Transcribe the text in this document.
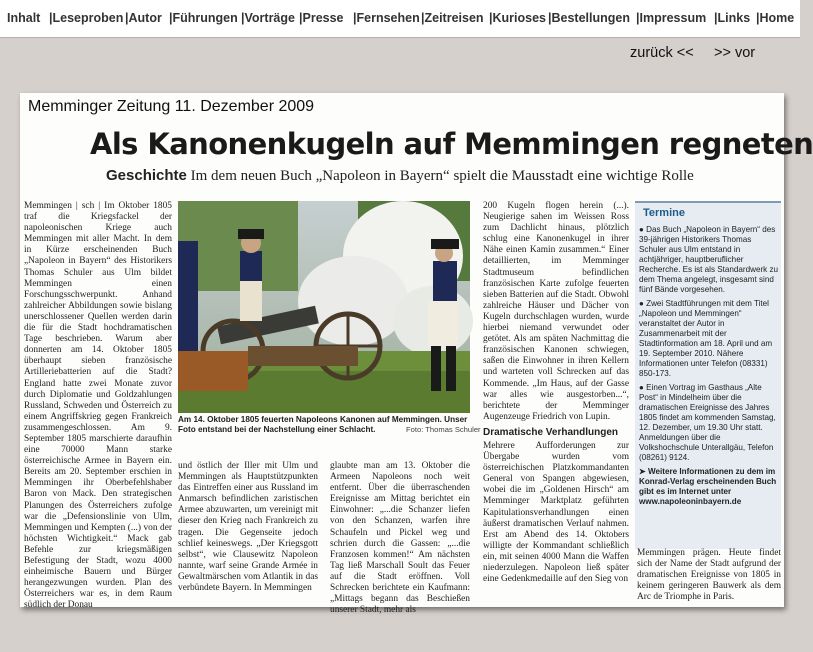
Inhalt |Leseproben |Autor |Führungen |Vorträge |Presse |Fernsehen |Zeitreisen |Kurioses |Bestellungen |Impressum |Links |Home
zurück << >> vor
Memminger Zeitung 11. Dezember 2009
Als Kanonenkugeln auf Memmingen regneten
Geschichte Im dem neuen Buch „Napoleon in Bayern“ spielt die Mausstadt eine wichtige Rolle
Memmingen | sch | Im Oktober 1805 traf die Kriegsfackel der napoleonischen Kriege auch Memmingen mit aller Macht. In dem in Kürze erscheinenden Buch „Napoleon in Bayern“ des Historikers Thomas Schuler aus Ulm bildet Memmingen einen Forschungsschwerpunkt. Anhand zahlreicher Abbildungen sowie bislang unerschlossener Quellen werden darin die für die Stadt hochdramatischen Tage beschrieben. Warum aber donnerten am 14. Oktober 1805 überhaupt sieben französische Artilleriebatterien auf die Stadt? England hatte zwei Monate zuvor durch Diplomatie und Goldzahlungen Russland, Schweden und Österreich zu einem Angriffskrieg gegen Frankreich zusammengeschlossen. Am 9. September 1805 marschierte daraufhin eine 70000 Mann starke österreichische Armee in Bayern ein. Bereits am 20. September erschien in Memmingen ihr Oberbefehlshaber Baron von Mack. Den strategischen Planungen des Österreichers zufolge war die „Defensionslinie von Ulm, Memmingen und Kempten (...) von der höchsten Wichtigkeit.“ Mack gab Befehle zur kriegsmäßigen Befestigung der Stadt, wozu 4000 einheimische Bauern und Bürger herangezwungen wurden. Plan des Österreichers war es, in dem Raum südlich der Donau
Am 14. Oktober 1805 feuerten Napoleons Kanonen auf Memmingen. Unser Foto entstand bei der Nachstellung einer Schlacht.	Foto: Thomas Schuler
und östlich der Iller mit Ulm und Memmingen als Hauptstützpunkten das Eintreffen einer aus Russland im Anmarsch befindlichen zaristischen Armee abzuwarten, um vereinigt mit dieser den Krieg nach Frankreich zu tragen. Die Gegenseite jedoch schlief keineswegs. „Der Kriegsgott selbst“, wie Clausewitz Napoleon nannte, warf seine Grande Armée in Gewaltmärschen vom Atlantik in das verbündete Bayern. In Memmingen
glaubte man am 13. Oktober die Armeen Napoleons noch weit entfernt. Über die überraschenden Ereignisse am Mittag berichtet ein Einwohner: „...die Schanzer liefen von den Schanzen, warfen ihre Schaufeln und Pickel weg und schrien durch die Gassen: „...die Franzosen kommen!“ Am nächsten Tag ließ Marschall Soult das Feuer auf die Stadt eröffnen. Voll Schrecken berichtete ein Kaufmann: „Mittags begann das Beschießen unserer Stadt, mehr als
200 Kugeln flogen herein (...). Neugierige sahen im Weissen Ross zum Dachlicht hinaus, plötzlich schlug eine Kanonenkugel in ihrer Nähe einen Kamin zusammen.“ Einer detaillierten, im Memminger Stadtmuseum befindlichen französischen Karte zufolge feuerten sieben Batterien auf die Stadt. Obwohl zahlreiche Häuser und Dächer von Kugeln durchschlagen wurden, wurde hierbei niemand verwundet oder getötet. Als am späten Nachmittag die französischen Kanonen schwiegen, saßen die Einwohner in ihren Kellern und warteten voll Schrecken auf das Kommende. „Im Haus, auf der Gasse war alles wie ausgestorben...“, berichtete der Memminger Augenzeuge Friedrich von Lupin.
Dramatische Verhandlungen
Mehrere Aufforderungen zur Übergabe wurden vom österreichischen Platzkommandanten General von Spangen abgewiesen, wobei die im „Goldenen Hirsch“ am Memminger Marktplatz geführten Kapitulationsverhandlungen einen äußerst dramatischen Verlauf nahmen. Erst am Abend des 14. Oktobers willigte der Kommandant schließlich ein, mit seinen 4000 Mann die Waffen niederzulegen. Napoleon ließ später eine Gedenkmedaille auf den Sieg von
Termine

● Das Buch „Napoleon in Bayern“ des 39-jährigen Historikers Thomas Schuler aus Ulm entstand in achtjähriger, hauptberuflicher Recherche. Es ist als Standardwerk zu dem Thema angelegt, insgesamt sind fünf Bände vorgesehen.

● Zwei Stadtführungen mit dem Titel „Napoleon und Memmingen“ veranstaltet der Autor in Zusammenarbeit mit der Stadtinformation am 18. April und am 19. September 2010. Nähere Informationen unter Telefon (08331) 850-173.

● Einen Vortrag im Gasthaus „Alte Post“ in Mindelheim über die dramatischen Ereignisse des Jahres 1805 findet am kommenden Samstag, 12. Dezember, um 19.30 Uhr statt. Anmeldungen über die Volkshochschule Unterallgäu, Telefon (08261) 9124.

➤ Weitere Informationen zu dem im Konrad-Verlag erscheinenden Buch gibt es im Internet unter www.napoleoninbayern.de

Memmingen prägen. Heute findet sich der Name der Stadt aufgrund der dramatischen Ereignisse von 1805 in keinem geringeren Bauwerk als dem Arc de Triomphe in Paris.
